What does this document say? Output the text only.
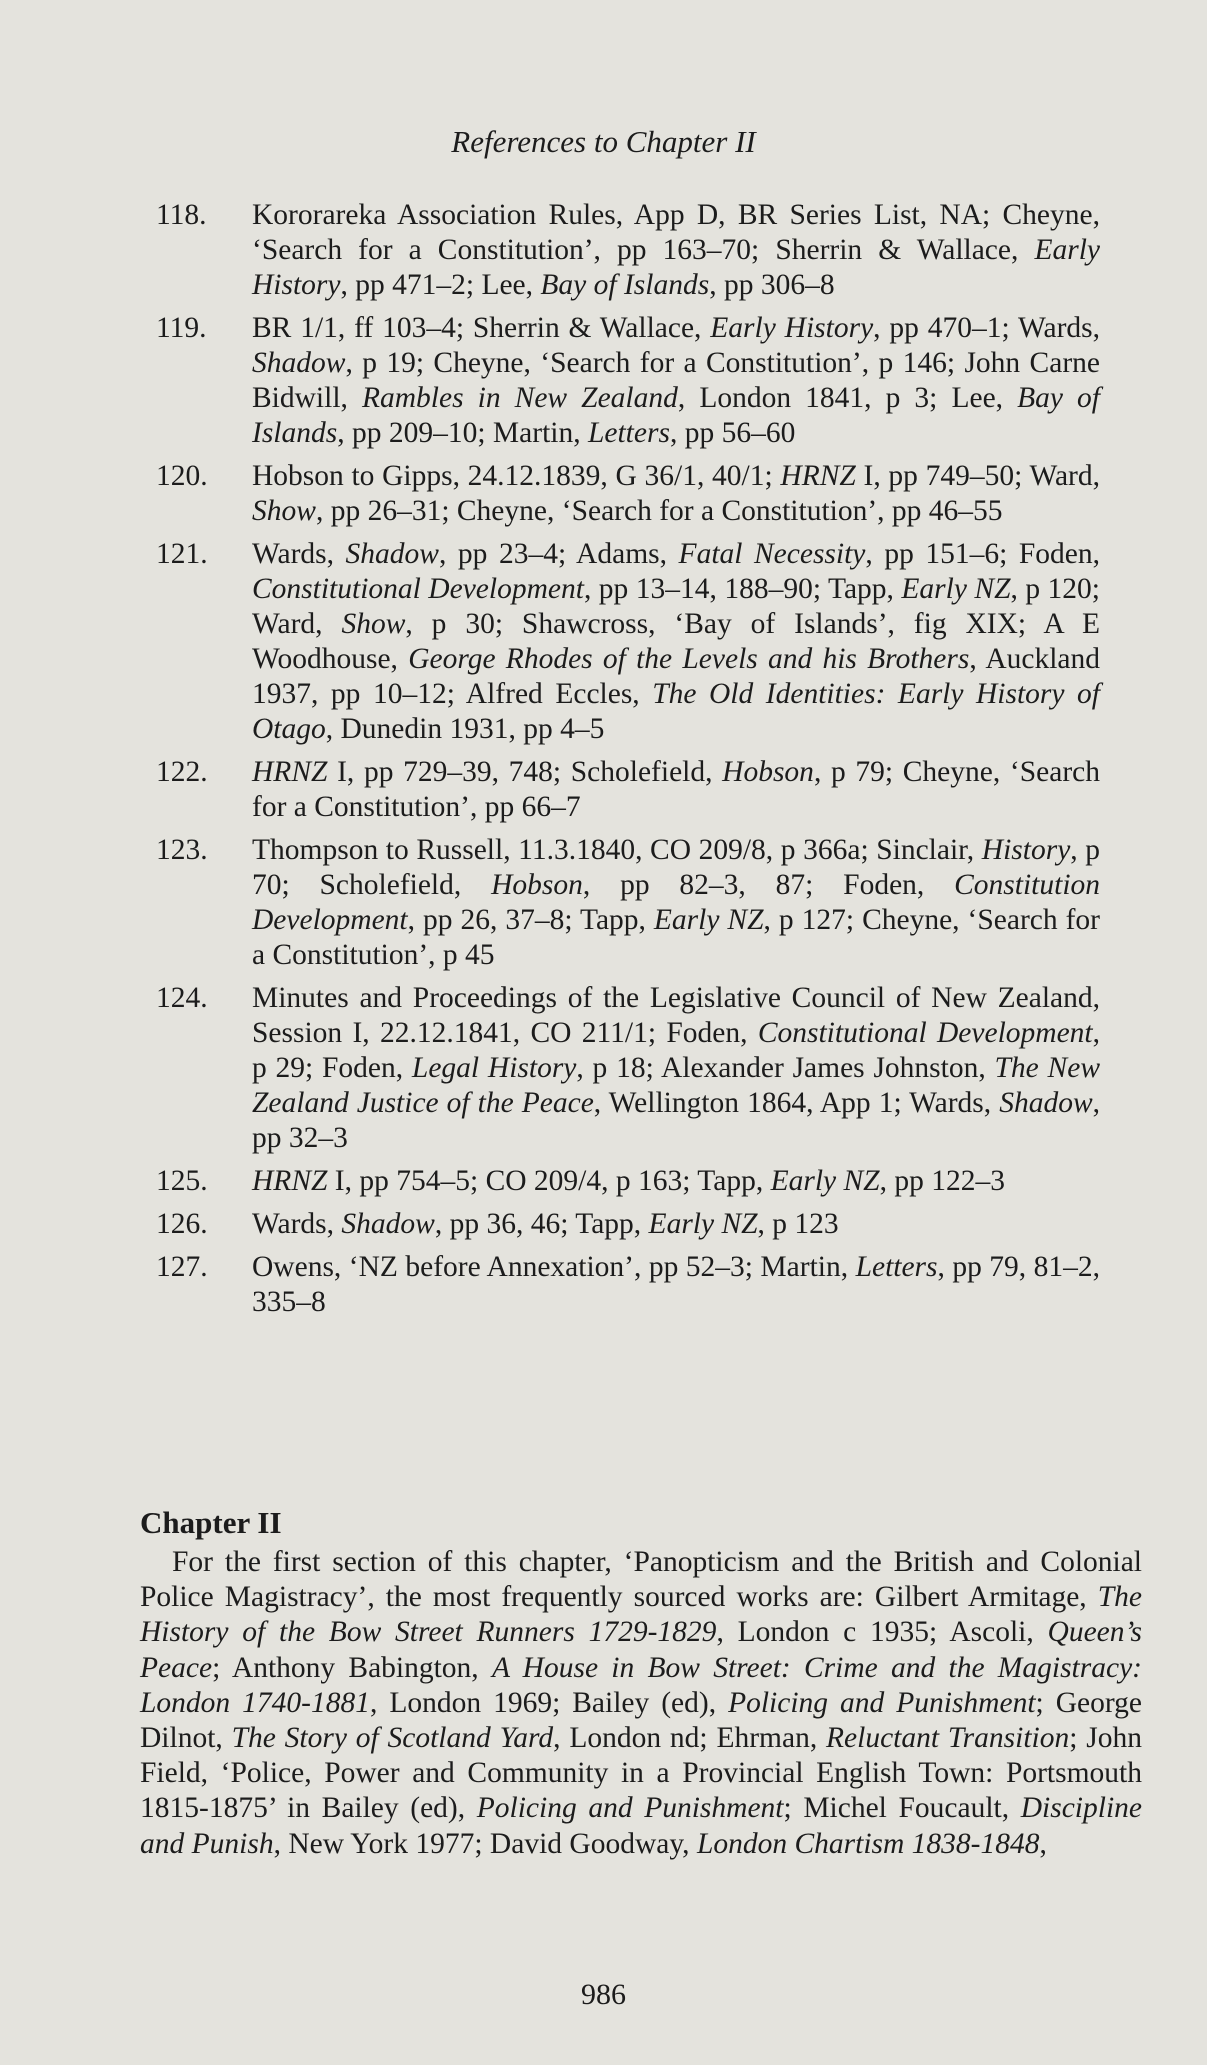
References to Chapter II
118.	Kororareka Association Rules, App D, BR Series List, NA; Cheyne, ‘Search for a Constitution’, pp 163–70; Sherrin & Wallace, Early History, pp 471–2; Lee, Bay of Islands, pp 306–8
119.	BR 1/1, ff 103–4; Sherrin & Wallace, Early History, pp 470–1; Wards, Shadow, p 19; Cheyne, ‘Search for a Constitution’, p 146; John Carne Bidwill, Rambles in New Zealand, London 1841, p 3; Lee, Bay of Islands, pp 209–10; Martin, Letters, pp 56–60
120.	Hobson to Gipps, 24.12.1839, G 36/1, 40/1; HRNZ I, pp 749–50; Ward, Show, pp 26–31; Cheyne, ‘Search for a Constitution’, pp 46–55
121.	Wards, Shadow, pp 23–4; Adams, Fatal Necessity, pp 151–6; Foden, Constitutional Development, pp 13–14, 188–90; Tapp, Early NZ, p 120; Ward, Show, p 30; Shawcross, ‘Bay of Islands’, fig XIX; A E Woodhouse, George Rhodes of the Levels and his Brothers, Auckland 1937, pp 10–12; Alfred Eccles, The Old Identities: Early History of Otago, Dunedin 1931, pp 4–5
122.	HRNZ I, pp 729–39, 748; Scholefield, Hobson, p 79; Cheyne, ‘Search for a Constitution’, pp 66–7
123.	Thompson to Russell, 11.3.1840, CO 209/8, p 366a; Sinclair, History, p 70; Scholefield, Hobson, pp 82–3, 87; Foden, Constitution Development, pp 26, 37–8; Tapp, Early NZ, p 127; Cheyne, ‘Search for a Constitution’, p 45
124.	Minutes and Proceedings of the Legislative Council of New Zealand, Session I, 22.12.1841, CO 211/1; Foden, Constitutional Development, p 29; Foden, Legal History, p 18; Alexander James Johnston, The New Zealand Justice of the Peace, Wellington 1864, App 1; Wards, Shadow, pp 32–3
125.	HRNZ I, pp 754–5; CO 209/4, p 163; Tapp, Early NZ, pp 122–3
126.	Wards, Shadow, pp 36, 46; Tapp, Early NZ, p 123
127.	Owens, ‘NZ before Annexation’, pp 52–3; Martin, Letters, pp 79, 81–2, 335–8
Chapter II
For the first section of this chapter, ‘Panopticism and the British and Colonial Police Magistracy’, the most frequently sourced works are: Gilbert Armitage, The History of the Bow Street Runners 1729-1829, London c 1935; Ascoli, Queen’s Peace; Anthony Babington, A House in Bow Street: Crime and the Magistracy: London 1740-1881, London 1969; Bailey (ed), Policing and Punishment; George Dilnot, The Story of Scotland Yard, London nd; Ehrman, Reluctant Transition; John Field, ‘Police, Power and Community in a Provincial English Town: Portsmouth 1815-1875’ in Bailey (ed), Policing and Punishment; Michel Foucault, Discipline and Punish, New York 1977; David Goodway, London Chartism 1838-1848,
986
